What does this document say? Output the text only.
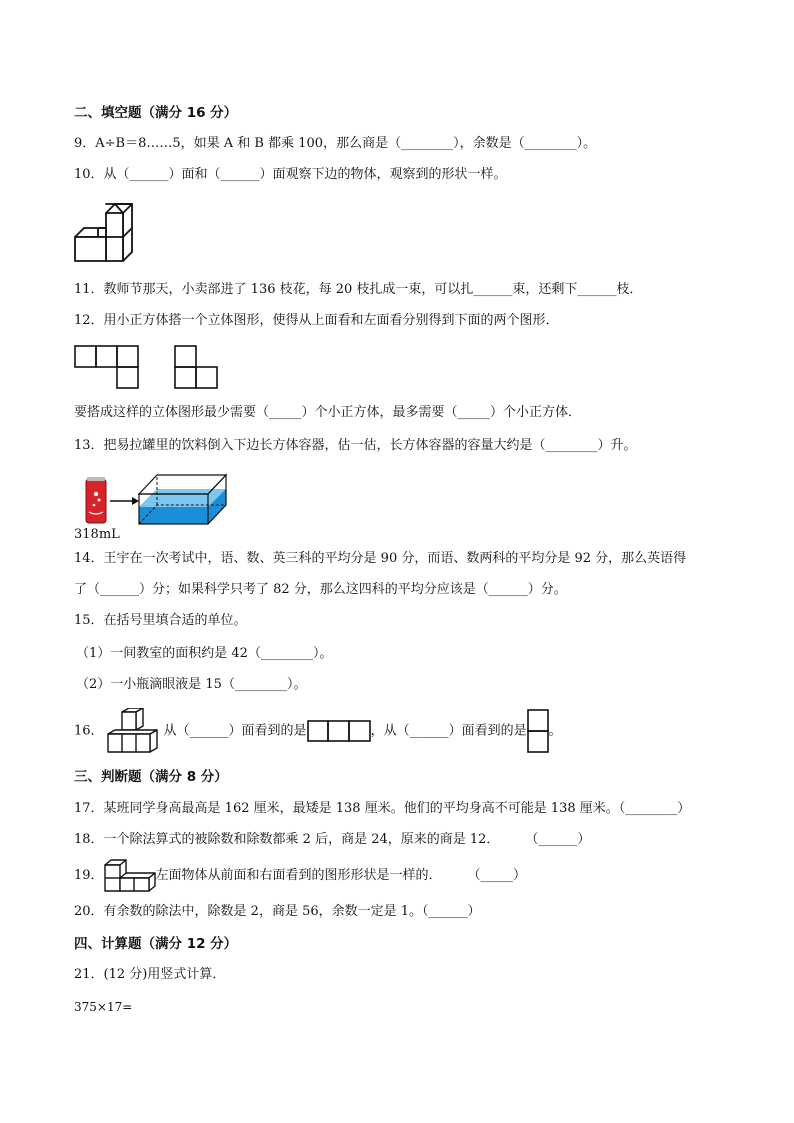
二、填空题（满分 16 分）
9．A÷B＝8……5，如果 A 和 B 都乘 100，那么商是（________），余数是（________）。
10．从（______）面和（______）面观察下边的物体，观察到的形状一样。
11．教师节那天，小卖部进了 136 枝花，每 20 枝扎成一束，可以扎______束，还剩下______枝．
12．用小正方体搭一个立体图形，使得从上面看和左面看分别得到下面的两个图形．
要搭成这样的立体图形最少需要（_____）个小正方体，最多需要（_____）个小正方体．
13．把易拉罐里的饮料倒入下边长方体容器，估一估，长方体容器的容量大约是（________）升。
318mL
14．王宇在一次考试中，语、数、英三科的平均分是 90 分，而语、数两科的平均分是 92 分，那么英语得
了（______）分；如果科学只考了 82 分，那么这四科的平均分应该是（______）分。
15．在括号里填合适的单位。
（1）一间教室的面积约是 42（________）。
（2）一小瓶滴眼液是 15（________）。
16．	从（______）面看到的是	，从（______）面看到的是 。
三、判断题（满分 8 分）
17．某班同学身高最高是 162 厘米，最矮是 138 厘米。他们的平均身高不可能是 138 厘米。（________）
18．一个除法算式的被除数和除数都乘 2 后，商是 24，原来的商是 12．　　　（______）
19．	左面物体从前面和右面看到的图形形状是一样的．　　　（_____）
20．有余数的除法中，除数是 2，商是 56，余数一定是 1。（______）
四、计算题（满分 12 分）
21．(12 分)用竖式计算．
375×17=
